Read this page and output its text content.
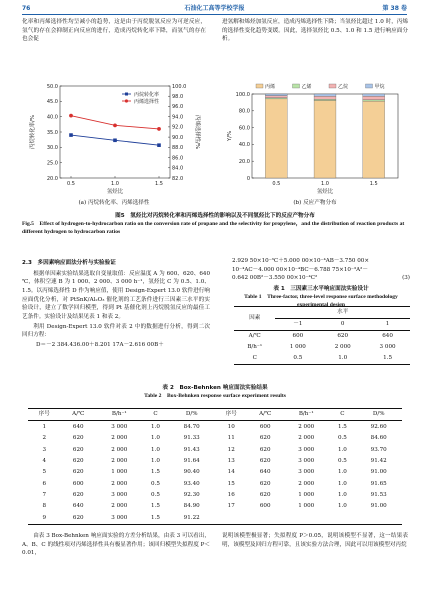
76	石油化工高等学校学报	第 38 卷

化率和丙烯选择性均呈减小的趋势，这是由于丙烷脱氢反应为可逆反应，氢气的存在会抑制正向反应的进行，造成丙烷转化率下降，而氢气的存在也会促

进氢解和烯烃加氢反应，造成丙烯选择性下降；当氢烃比超过 1.0 时，丙烯的选择性变化趋势变缓。因此，选择氢烃比 0.5、1.0 和 1.5 进行响应面分析。

20.0
25.0
30.0
35.0
40.0
45.0
50.0
82.0
84.0
86.0
88.0
90.0
92.0
94.0
96.0
98.0
100.0
0.5	1.0	1.5
氢烃比
丙烷转化率/%	丙烯选择性/%
丙烷转化率
丙烯选择性
(a) 丙烷转化率、丙烯选择性
0
20.0
40.0
60.0
80.0
100.0
0.5	1.0	1.5
氢烃比
Y/%
丙烯	乙烯	乙烷	甲烷
(b) 反应产物分布
图5　氢烃比对丙烷转化率和丙烯选择性的影响以及不同氢烃比下的反应产物分布
Fig.5　Effect of hydrogen-to-hydrocarbon ratio on the conversion rate of propane and the selectivity for propylene，and the distribution of reaction products at different hydrogen to hydrocarbon ratios
2.3　多因素响应面法分析与实验验证

根据单因素实验结果选取自变量取值：反应温度 A 为 600、620、640 ℃，体积空速 B 为 1 000、2 000、3 000 h⁻¹，氢烃比 C 为 0.5、1.0、1.5。以丙烯选择性 D 作为响应值，使用 Design-Expert 13.0 软件进行响应面优化分析，对 PtSnK/Al₂O₃ 催化剂的工艺条件进行三因素三水平的实验设计，建立了数学回归模型，得到 Pt 基催化剂上丙烷脱氢反应的最佳工艺条件。实验设计及结果见表 1 和表 2。

利用 Design-Expert 13.0 软件对表 2 中的数据进行分析，得到二次回归方程：

D＝－2 384.436.00＋8.201 17A－2.616 00B＋

2.929 50×10⁻³C＋5.000 00×10⁻⁴AB－3.750 00×
10⁻⁴AC－4.000 00×10⁻⁴BC－6.788 75×10⁻³A²－
0.642 00B²－3.550 00×10⁻⁴C²	(3)
表 1　三因素三水平响应面法实验设计
Table 1　Three-factor, three-level response surface methodology experimental design
因素	水平		
	－1	0	1
A/℃	600	620	640
B/h⁻¹	1 000	2 000	3 000
C	0.5	1.0	1.5
表 2　Box-Behnken 响应面法实验结果
Table 2　Box-Behnken response surface experiment results
序号	A/℃	B/h⁻¹	C	D/%	序号	A/℃	B/h⁻¹	C	D/%
1	640	3 000	1.0	84.70	10	600	2 000	1.5	92.60
2	620	2 000	1.0	91.33	11	620	2 000	0.5	84.60
3	620	2 000	1.0	91.43	12	620	3 000	1.0	93.70
4	620	2 000	1.0	91.64	13	620	3 000	0.5	91.42
5	620	1 000	1.5	90.40	14	640	3 000	1.0	91.00
6	600	2 000	0.5	93.40	15	620	2 000	1.0	91.65
7	620	3 000	0.5	92.30	16	620	1 000	1.0	91.53
8	640	2 000	1.5	84.90	17	600	1 000	1.0	91.00
9	620	3 000	1.5	91.22					

由表 3 Box-Behnken 响应面实验的方差分析结果，由表 3 可以看出，A、B、C 的线性项对丙烯选择性具有极显著作用；该回归模型失拟程度 P＜0.01，

说明该模型极显著；失拟程度 P＞0.05，说明该模型不显著，这一结果表明，该模型及回归方程可靠，且该实验方法合理，因此可以用该模型对丙烷
